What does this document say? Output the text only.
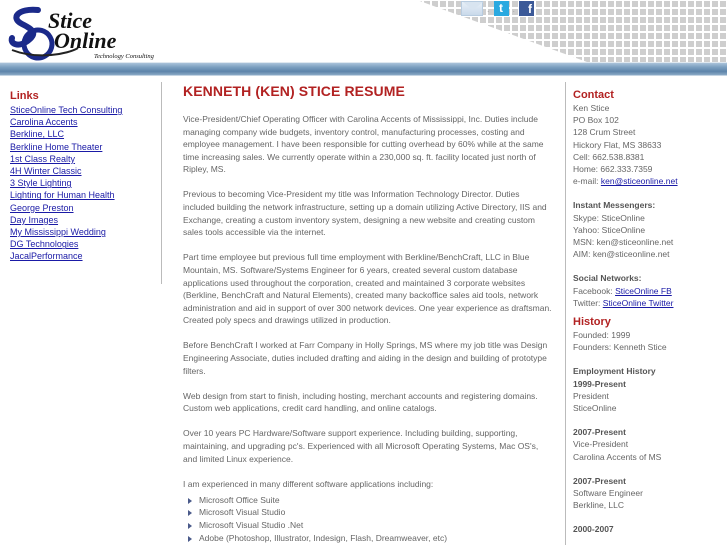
Stice
Online
Technology Consulting
. t	.	f
Links
SticeOnline Tech Consulting
Carolina Accents
Berkline, LLC
Berkline Home Theater
1st Class Realty
4H Winter Classic
3 Style Lighting
Lighting for Human Health
George Preston
Day Images
My Mississippi Wedding
DG Technologies
JacalPerformance
KENNETH (KEN) STICE RESUME

Vice-President/Chief Operating Officer with Carolina Accents of Mississippi, Inc. Duties include managing company wide budgets, inventory control, manufacturing processes, costing and employee management. I have been responsible for cutting overhead by 60% while at the same time increasing sales. We currently operate within a 230,000 sq. ft. facility located just north of Ripley, MS.

Previous to becoming Vice-President my title was Information Technology Director. Duties included building the network infrastructure, setting up a domain utilizing Active Directory, IIS and Exchange, creating a custom inventory system, designing a new website and creating custom sales tools accessible via the internet.

Part time employee but previous full time employment with Berkline/BenchCraft, LLC in Blue Mountain, MS. Software/Systems Engineer for 6 years, created several custom database applications used throughout the corporation, created and maintained 3 corporate websites (Berkline, BenchCraft and Natural Elements), created many backoffice sales aid tools, network administration and aid in support of over 300 network devices. One year experience as draftsman. Created poly specs and drawings utilized in production.

Before BenchCraft I worked at Farr Company in Holly Springs, MS where my job title was Design Engineering Associate, duties included drafting and aiding in the design and building of prototype filters.

Web design from start to finish, including hosting, merchant accounts and registering domains. Custom web applications, credit card handling, and online catalogs.

Over 10 years PC Hardware/Software support experience. Including building, supporting, maintaining, and upgrading pc's. Experienced with all Microsoft Operating Systems, Mac OS's, and limited Linux experience.

I am experienced in many different software applications including:

Microsoft Office Suite
Microsoft Visual Studio
Microsoft Visual Studio .Net
Adobe (Photoshop, Illustrator, Indesign, Flash, Dreamweaver, etc)
Contact
Ken Stice
PO Box 102
128 Crum Street
Hickory Flat, MS 38633
Cell: 662.538.8381
Home: 662.333.7359
e-mail: ken@sticeonline.net
Instant Messengers:
Skype: SticeOnline
Yahoo: SticeOnline
MSN: ken@sticeonline.net
AIM: ken@sticeonline.net
Social Networks:
Facebook: SticeOnline FB
Twitter: SticeOnline Twitter
History
Founded: 1999
Founders: Kenneth Stice
Employment History
1999-Present
President
SticeOnline
2007-Present
Vice-President
Carolina Accents of MS
2007-Present
Software Engineer
Berkline, LLC
2000-2007
